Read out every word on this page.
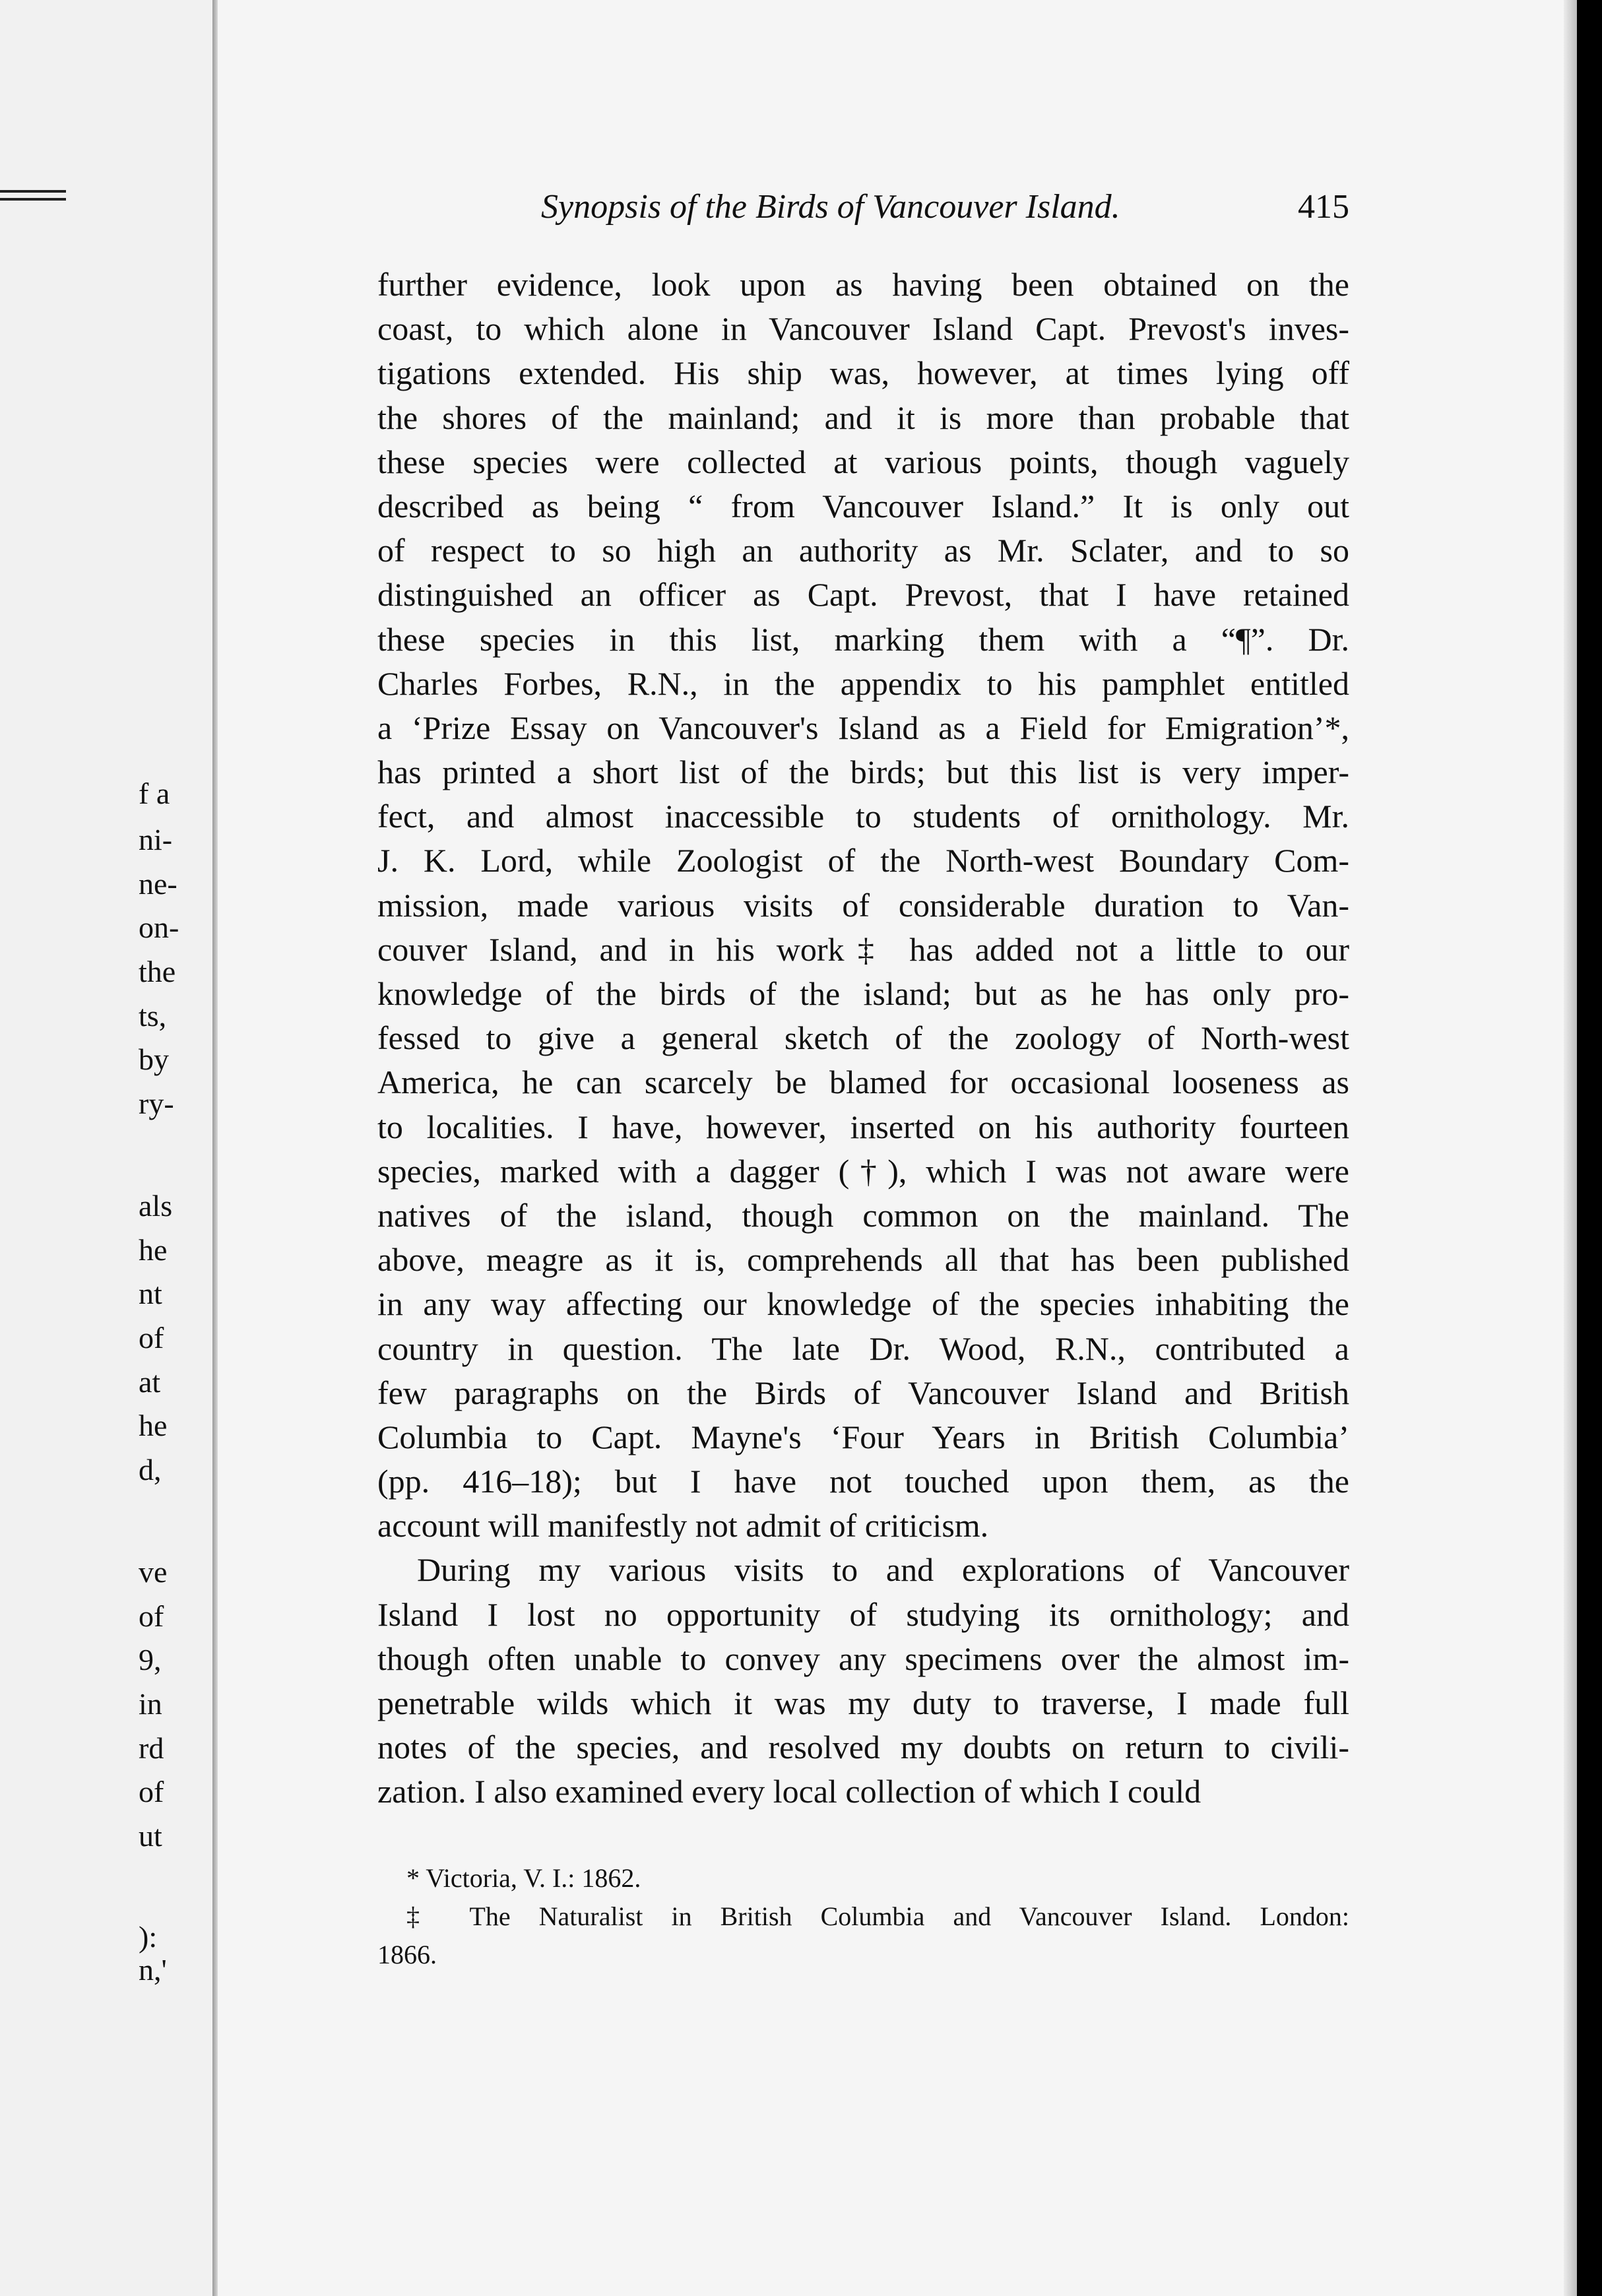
f a
ni-
ne-
on-
the
ts,
by
ry-
als
he
nt
of
at
he
d,
ve
of
9,
in
rd
of
ut
):
n,'
Synopsis of the Birds of Vancouver Island.	415
further evidence, look upon as having been obtained on the
coast, to which alone in Vancouver Island Capt. Prevost's inves-
tigations extended. His ship was, however, at times lying off
the shores of the mainland; and it is more than probable that
these species were collected at various points, though vaguely
described as being “ from Vancouver Island.” It is only out
of respect to so high an authority as Mr. Sclater, and to so
distinguished an officer as Capt. Prevost, that I have retained
these species in this list, marking them with a “¶”. Dr.
Charles Forbes, R.N., in the appendix to his pamphlet entitled
a ‘Prize Essay on Vancouver's Island as a Field for Emigration’*,
has printed a short list of the birds; but this list is very imper-
fect, and almost inaccessible to students of ornithology. Mr.
J. K. Lord, while Zoologist of the North-west Boundary Com-
mission, made various visits of considerable duration to Van-
couver Island, and in his work‡ has added not a little to our
knowledge of the birds of the island; but as he has only pro-
fessed to give a general sketch of the zoology of North-west
America, he can scarcely be blamed for occasional looseness as
to localities. I have, however, inserted on his authority fourteen
species, marked with a dagger (†), which I was not aware were
natives of the island, though common on the mainland. The
above, meagre as it is, comprehends all that has been published
in any way affecting our knowledge of the species inhabiting the
country in question. The late Dr. Wood, R.N., contributed a
few paragraphs on the Birds of Vancouver Island and British
Columbia to Capt. Mayne's ‘Four Years in British Columbia’
(pp. 416–18); but I have not touched upon them, as the
account will manifestly not admit of criticism.
During my various visits to and explorations of Vancouver
Island I lost no opportunity of studying its ornithology; and
though often unable to convey any specimens over the almost im-
penetrable wilds which it was my duty to traverse, I made full
notes of the species, and resolved my doubts on return to civili-
zation. I also examined every local collection of which I could
* Victoria, V. I.: 1862.
‡ The Naturalist in British Columbia and Vancouver Island. London:
1866.
